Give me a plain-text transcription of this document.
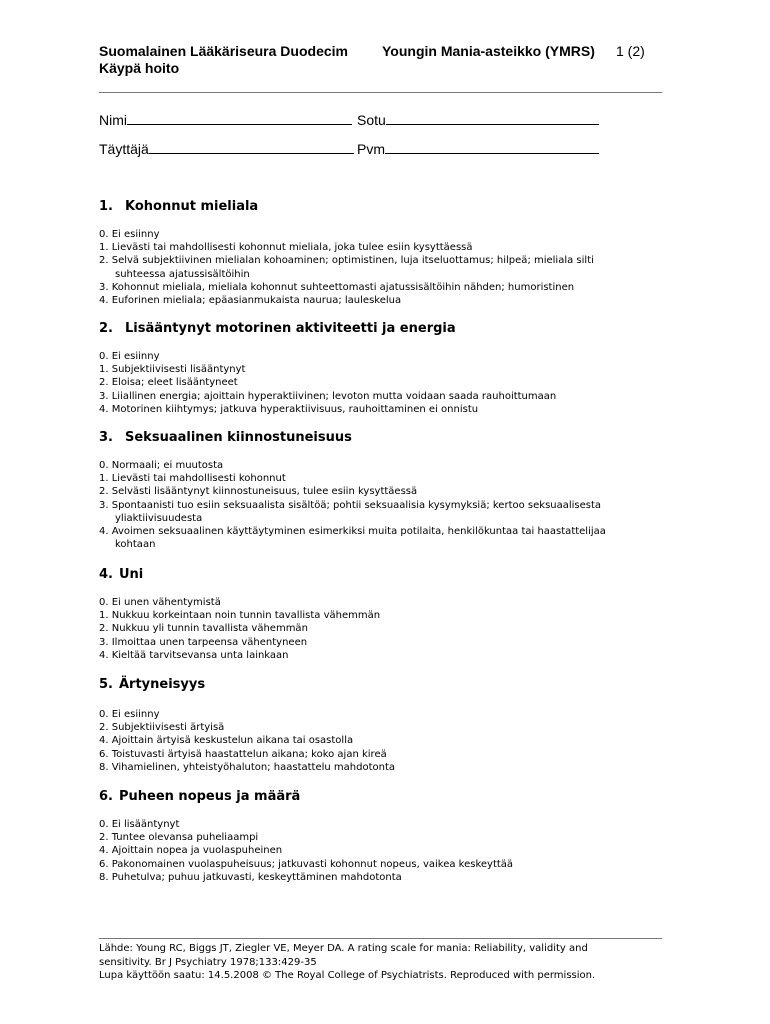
Suomalainen Lääkäriseura Duodecim
Käypä hoito
Youngin Mania-asteikko (YMRS) 1 (2)
Nimi	Sotu
Täyttäjä	Pvm
1. Kohonnut mieliala
0. Ei esiinny
1. Lievästi tai mahdollisesti kohonnut mieliala, joka tulee esiin kysyttäessä
2. Selvä subjektiivinen mielialan kohoaminen; optimistinen, luja itseluottamus; hilpeä; mieliala silti suhteessa ajatussisältöihin
3. Kohonnut mieliala, mieliala kohonnut suhteettomasti ajatussisältöihin nähden; humoristinen
4. Euforinen mieliala; epäasianmukaista naurua; lauleskelua
2. Lisääntynyt motorinen aktiviteetti ja energia
0. Ei esiinny
1. Subjektiivisesti lisääntynyt
2. Eloisa; eleet lisääntyneet
3. Liiallinen energia; ajoittain hyperaktiivinen; levoton mutta voidaan saada rauhoittumaan
4. Motorinen kiihtymys; jatkuva hyperaktiivisuus, rauhoittaminen ei onnistu
3. Seksuaalinen kiinnostuneisuus
0. Normaali; ei muutosta
1. Lievästi tai mahdollisesti kohonnut
2. Selvästi lisääntynyt kiinnostuneisuus, tulee esiin kysyttäessä
3. Spontaanisti tuo esiin seksuaalista sisältöä; pohtii seksuaalisia kysymyksiä; kertoo seksuaalisesta yliaktiivisuudesta
4. Avoimen seksuaalinen käyttäytyminen esimerkiksi muita potilaita, henkilökuntaa tai haastattelijaa kohtaan
4. Uni
0. Ei unen vähentymistä
1. Nukkuu korkeintaan noin tunnin tavallista vähemmän
2. Nukkuu yli tunnin tavallista vähemmän
3. Ilmoittaa unen tarpeensa vähentyneen
4. Kieltää tarvitsevansa unta lainkaan
5. Ärtyneisyys
0. Ei esiinny
2. Subjektiivisesti ärtyisä
4. Ajoittain ärtyisä keskustelun aikana tai osastolla
6. Toistuvasti ärtyisä haastattelun aikana; koko ajan kireä
8. Vihamielinen, yhteistyöhaluton; haastattelu mahdotonta
6. Puheen nopeus ja määrä
0. Ei lisääntynyt
2. Tuntee olevansa puheliaampi
4. Ajoittain nopea ja vuolaspuheinen
6. Pakonomainen vuolaspuheisuus; jatkuvasti kohonnut nopeus, vaikea keskeyttää
8. Puhetulva; puhuu jatkuvasti, keskeyttäminen mahdotonta
Lähde: Young RC, Biggs JT, Ziegler VE, Meyer DA. A rating scale for mania: Reliability, validity and sensitivity. Br J Psychiatry 1978;133:429-35
Lupa käyttöön saatu: 14.5.2008 © The Royal College of Psychiatrists. Reproduced with permission.
